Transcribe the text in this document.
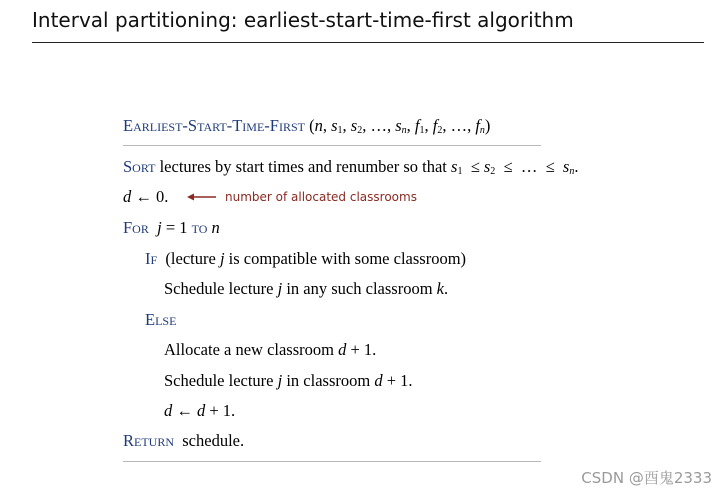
Interval partitioning: earliest-start-time-first algorithm
Earliest-Start-Time-First (n, $s_1$, $s_2$, …, $s_n$, $f_1$, $f_2$, …, $f_n$)
Sort lectures by start times and renumber so that $s_1 \le s_2$  ≤  …  ≤  $s_n$.
d ← 0.
For j = 1 to n
If  (lecture j is compatible with some classroom)
Schedule lecture j in any such classroom k.
Else
Allocate a new classroom d + 1.
Schedule lecture j in classroom d + 1.
d ← d + 1.
Return  schedule.
number of allocated classrooms
CSDN @酉鬼2333
